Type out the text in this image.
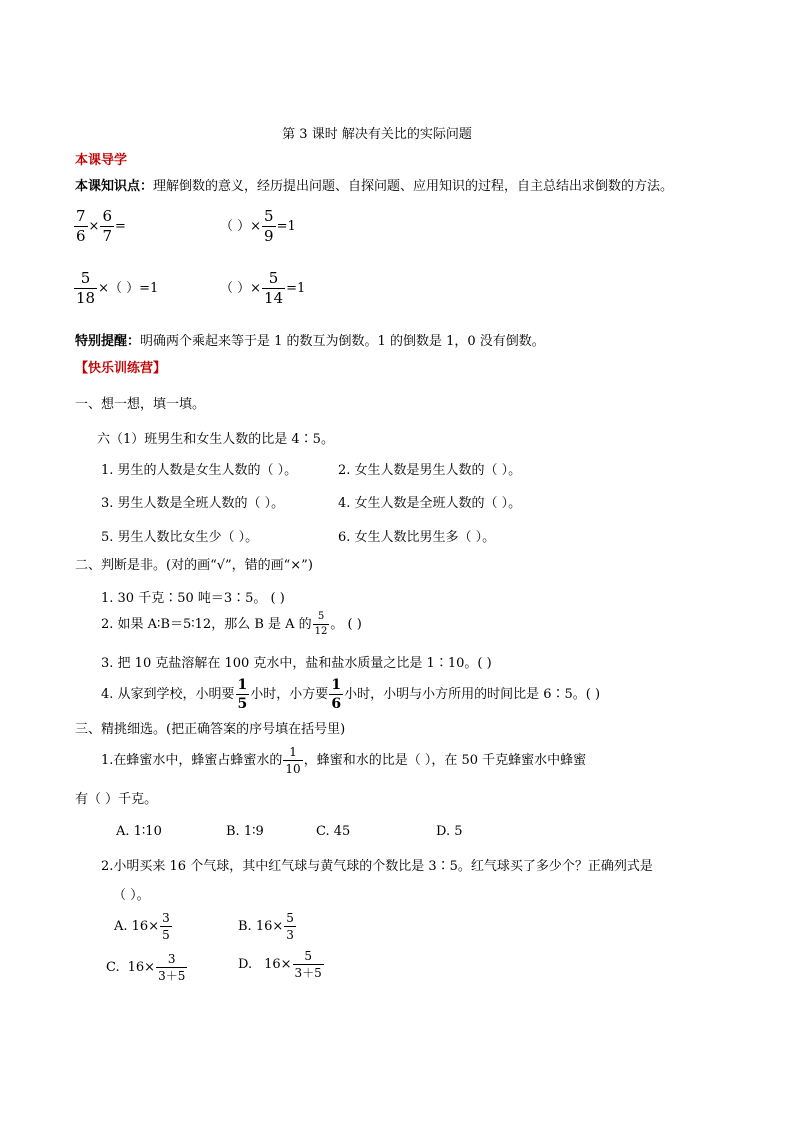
第 3 课时 解决有关比的实际问题
本课导学
本课知识点：理解倒数的意义，经历提出问题、自探问题、应用知识的过程，自主总结出求倒数的方法。
$\frac{7}{6} \times \frac{6}{7}$ =	（ ）× $\frac{5}{9} =1$
$\frac{5}{18}$ ×（ ）=1	（ ）× $\frac{5}{14} =1$
特别提醒：明确两个乘起来等于是 1 的数互为倒数。1 的倒数是 1，0 没有倒数。
【快乐训练营】
一、想一想，填一填。
六（1）班男生和女生人数的比是 4∶5。
1. 男生的人数是女生人数的（ ）。	2. 女生人数是男生人数的（ ）。
3. 男生人数是全班人数的（ ）。	4. 女生人数是全班人数的（ ）。
5. 男生人数比女生少（ ）。	6. 女生人数比男生多（ ）。
二、判断是非。(对的画“√”，错的画“×”)
1. 30 千克∶50 吨＝3∶5。 ( )
2. 如果 A∶B＝5∶12，那么 B 是 A 的 $\frac{5}{12}$ 。 ( )
3. 把 10 克盐溶解在 100 克水中，盐和盐水质量之比是 1∶10。( )
4. 从家到学校，小明要 $\frac{1}{5}$ 小时，小方要 $\frac{1}{6}$ 小时，小明与小方所用的时间比是 6∶5。( )
三、精挑细选。(把正确答案的序号填在括号里)
1.在蜂蜜水中，蜂蜜占蜂蜜水的 $\frac{1}{10}$ ，蜂蜜和水的比是（ ），在 50 千克蜂蜜水中蜂蜜
有（ ）千克。
A. 1∶10	B. 1∶9	C. 45	D. 5
2.小明买来 16 个气球，其中红气球与黄气球的个数比是 3∶5。红气球买了多少个？正确列式是
（ ）。
A. $16\times \frac{3}{5}$	B. $16\times \frac{5}{3}$
C. $16\times \frac{3}{3+5}$	D. $16\times \frac{5}{3+5}$
